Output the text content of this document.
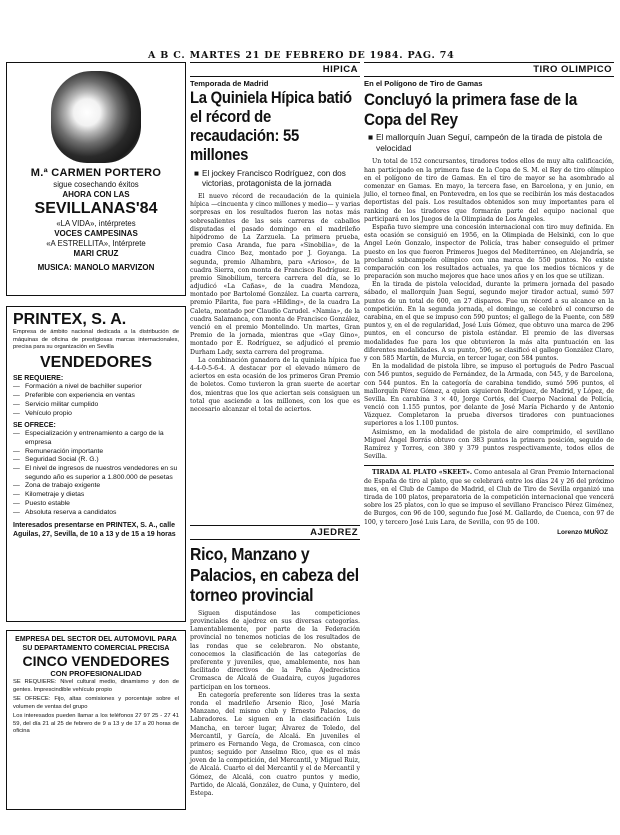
A B C. MARTES 21 DE FEBRERO DE 1984. PAG. 74
M.ª CARMEN PORTERO
sigue cosechando éxitos
AHORA CON LAS
SEVILLANAS'84
«LA VIDA», intérpretes
VOCES CAMPESINAS
«A ESTRELLITA», Intérprete
MARI CRUZ
MUSICA: MANOLO MARVIZON
PRINTEX, S. A.
Empresa de ámbito nacional dedicada a la distribución de máquinas de oficina de prestigiosas marcas internacionales, precisa para su organización en Sevilla
VENDEDORES
SE REQUIERE:
— Formación a nivel de bachiller superior
— Preferible con experiencia en ventas
— Servicio militar cumplido
— Vehículo propio
SE OFRECE:
— Especialización y entrenamiento a cargo de la empresa
— Remuneración importante
— Seguridad Social (R. G.)
— El nivel de ingresos de nuestros vendedores en su segundo año es superior a 1.800.000 de pesetas
— Zona de trabajo exigente
— Kilometraje y dietas
— Puesto estable
— Absoluta reserva a candidatos
Interesados presentarse en PRINTEX, S. A., calle Aguilas, 27, Sevilla, de 10 a 13 y de 15 a 19 horas
EMPRESA DEL SECTOR DEL AUTOMOVIL PARA SU DEPARTAMENTO COMERCIAL PRECISA
CINCO VENDEDORES
CON PROFESIONALIDAD
SE REQUIERE: Nivel cultural medio, dinamismo y don de gentes. Imprescindible vehículo propio
SE OFRECE: Fijo, altas comisiones y porcentaje sobre el volumen de ventas del grupo
Los interesados pueden llamar a los teléfonos 27 97 25 - 27 41 59, del día 21 al 25 de febrero de 9 a 13 y de 17 a 20 horas de oficina
HIPICA
Temporada de Madrid
La Quiniela Hípica batió el récord de recaudación: 55 millones
■ El jockey Francisco Rodríguez, con dos victorias, protagonista de la jornada
El nuevo récord de recaudación de la quiniela hípica —cincuenta y cinco millones y medio— y varias sorpresas en los resultados fueron las notas más sobresalientes de las seis carreras de caballos disputadas el pasado domingo en el madrileño hipódromo de La Zarzuela. La primera prueba, premio Casa Aranda, fue para «Sinobilia», de la cuadra Cinco Bez, montado por J. Goyanga. La segunda, premio Alhambra, para «Arioso», de la cuadra Sierra, con monta de Francisco Rodríguez. El premio Sinobilium, tercera carrera del día, se lo adjudicó «La Cañas», de la cuadra Mendoza, montado por Bartolomé González. La cuarta carrera, premio Pilarita, fue para «Hilding», de la cuadra La Caleta, montado por Claudio Carudel. «Namia», de la cuadra Salamanca, con monta de Francisco González, venció en el premio Montelindo. Un martes, Gran Premio de la jornada, mientras que «Gay Gino», montado por E. Rodríguez, se adjudicó el premio Durham Lady, sexta carrera del programa.
La combinación ganadora de la quiniela hípica fue 4-4-0-5-6-4. A destacar por el elevado número de aciertos en esta ocasión de los primeros Gran Premio de boletos. Como tuvieron la gran suerte de acertar dos, mientras que los que aciertan seis consiguen un total que asciende a los millones, con los que es necesario alcanzar el total de aciertos.
AJEDREZ
Rico, Manzano y Palacios, en cabeza del torneo provincial
Siguen disputándose las competiciones provinciales de ajedrez en sus diversas categorías. Lamentablemente, por parte de la Federación provincial no tenemos noticias de los resultados de las rondas que se celebraron. No obstante, conocemos la clasificación de las categorías de preferente y juveniles, que, amablemente, nos han facilitado directivos de la Peña Ajedrecística Cromasca de Alcalá de Guadaira, cuyos jugadores participan en los torneos.
En categoría preferente son líderes tras la sexta ronda el madrileño Arsenio Rico, José María Manzano, del mismo club y Ernesto Palacios, de Labradores. Le siguen en la clasificación Luis Mancha, en tercer lugar, Álvarez de Toledo, del Mercantil, y García, de Alcalá. En juveniles el primero es Fernando Vega, de Cromasca, con cinco puntos; seguido por Anselmo Rico, que es el más joven de la competición, del Mercantil, y Miguel Ruiz, de Alcalá. Cuarto el del Mercantil y el de Mercantil y Gómez, de Alcalá, con cuatro puntos y medio, Partido, de Alcalá, González, de Cuna, y Quintero, del Estepa.
TIRO OLIMPICO
En el Polígono de Tiro de Gamas
Concluyó la primera fase de la Copa del Rey
■ El mallorquín Juan Seguí, campeón de la tirada de pistola de velocidad
Un total de 152 concursantes, tiradores todos ellos de muy alta calificación, han participado en la primera fase de la Copa de S. M. el Rey de tiro olímpico en el polígono de tiro de Gamas. En el tiro de mayor se ha asombrado al comenzar en Gamas. En mayo, la tercera fase, en Barcelona, y en junio, en julio, el torneo final, en Pontevedra, en los que se recibirán los más destacados deportistas del país. Los resultados obtenidos son muy importantes para el ranking de los tiradores que formarán parte del equipo nacional que participará en los Juegos de la Olimpiada de Los Ángeles.
España tuvo siempre una concesión internacional con tiro muy definida. En esta ocasión se consiguió en 1956, en la Olimpiada de Helsinki, con lo que Angel León Gonzalo, inspector de Policía, tras haber conseguido el primer puesto en los que fueron Primeros Juegos del Mediterráneo, en Alejandría, se proclamó subcampeón olímpico con una marca de 550 puntos. No existe comparación con los resultados actuales, ya que los medios técnicos y de preparación son mucho mejores que hace unos años y en los que se utilizan.
En la tirada de pistola velocidad, durante la primera jornada del pasado sábado, el mallorquín Juan Seguí, segundo mejor tirador actual, sumó 597 puntos de un total de 600, en 27 disparos. Fue un récord a su alcance en la competición. En la segunda jornada, el domingo, se celebró el concurso de carabina, en el que se impuso con 590 puntos; el gallego de la Fuente, con 589 puntos y, en el de regularidad, José Luis Gómez, que obtuvo una marca de 296 puntos, en el concurso de pistola estándar. El premio de las diversas modalidades fue para los que obtuvieron la más alta puntuación en las diferentes modalidades. A su punto, 596, se clasificó el gallego González Claro, y con 585 Martín, de Murcia, en tercer lugar, con 584 puntos.
En la modalidad de pistola libre, se impuso el portugués de Pedro Pascual con 546 puntos, seguido de Fernández, de la Armada, con 545, y de Barcelona, con 544 puntos. En la categoría de carabina tendido, sumó 596 puntos, el mallorquín Pérez Gómez, a quien siguieron Rodríguez, de Madrid, y López, de Sevilla. En carabina 3 × 40, Jorge Cortés, del Cuerpo Nacional de Policía, venció con 1.155 puntos, por delante de José María Pichardo y de Antonio Vázquez. Completaron la prueba diversos tiradores con puntuaciones superiores a los 1.100 puntos.
Asimismo, en la modalidad de pistola de aire comprimido, el sevillano Miguel Ángel Borrás obtuvo con 383 puntos la primera posición, seguido de Ramírez y Torres, con 380 y 379 puntos respectivamente, todos ellos de Sevilla.
TIRADA AL PLATO «SKEET». Como antesala al Gran Premio Internacional de España de tiro al plato, que se celebrará entre los días 24 y 26 del próximo mes, en el Club de Campo de Madrid, el Club de Tiro de Sevilla organizó una tirada de 100 platos, preparatoria de la competición internacional que vencerá sobre los 25 platos, con lo que se impuso el sevillano Francisco Pérez Giménez, de Burgos, con 96 de 100, segundo fue José M. Gallardo, de Cuenca, con 97 de 100, y tercero José Luis Lara, de Sevilla, con 95 de 100.
Lorenzo MUÑOZ
